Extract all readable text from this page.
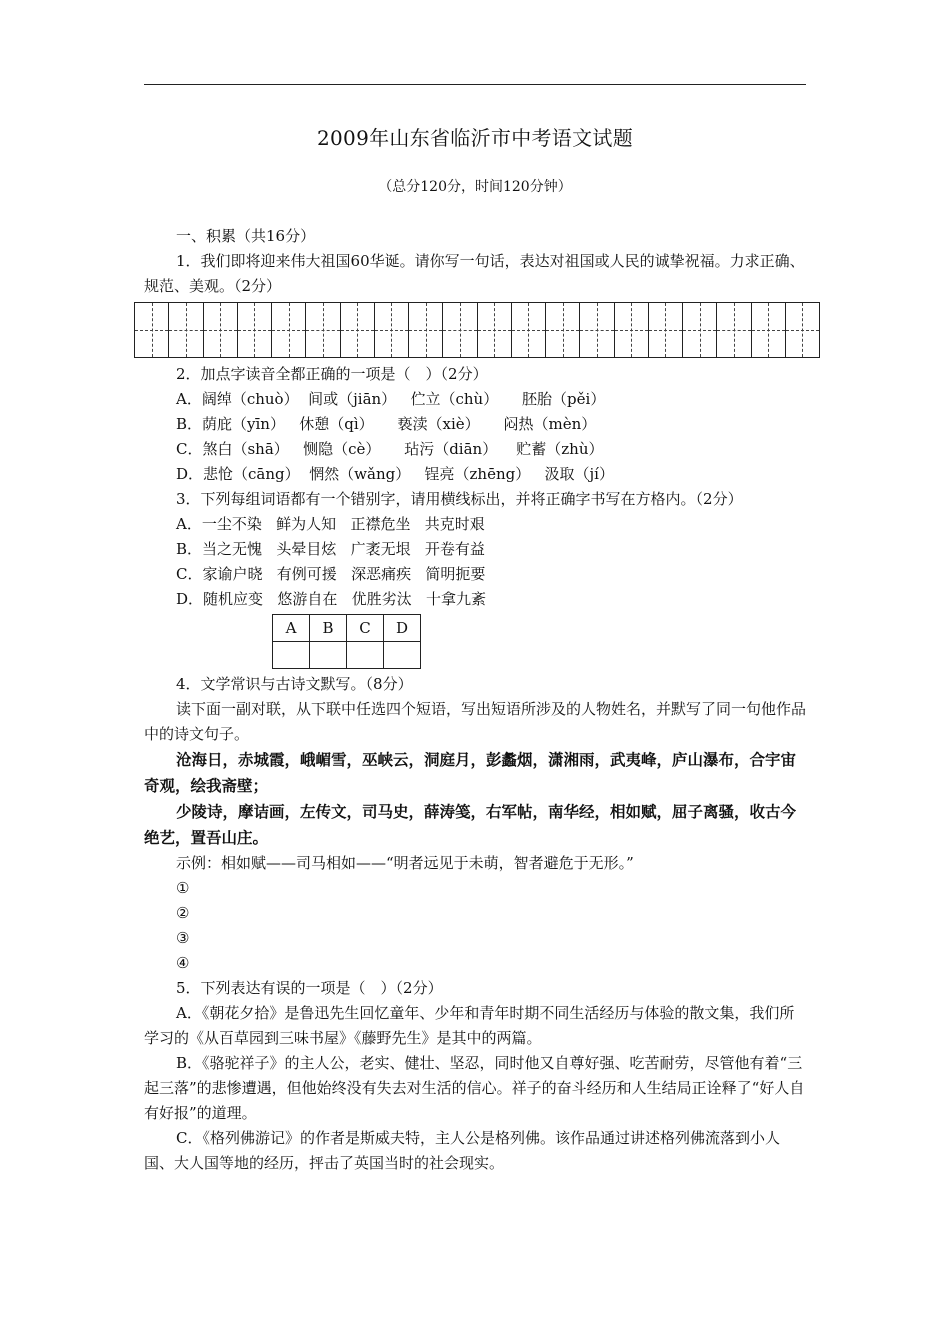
2009年山东省临沂市中考语文试题
（总分120分，时间120分钟）

一、积累（共16分）

1．我们即将迎来伟大祖国60华诞。请你写一句话，表达对祖国或人民的诚挚祝福。力求正确、规范、美观。（2分）

2．加点字读音全都正确的一项是（　）（2分）

A．阔绰（chuò）  间或（jiān）   伫立（chù）     胚胎（pěi）

B．荫庇（yīn）   休憩（qì）     亵渎（xiè）     闷热（mèn）

C．煞白（shā）   恻隐（cè）     玷污（diān）    贮蓄（zhù）

D．悲怆（cāng）  惘然（wǎng）   锃亮（zhēng）   汲取（jí）

3．下列每组词语都有一个错别字，请用横线标出，并将正确字书写在方格内。（2分）

A．一尘不染   鲜为人知   正襟危坐   共克时艰

B．当之无愧   头晕目炫   广袤无垠   开卷有益

C．家谕户晓   有例可援   深恶痛疾   简明扼要

D．随机应变   悠游自在   优胜劣汰   十拿九紊

A	B	C	D

4．文学常识与古诗文默写。（8分）

读下面一副对联，从下联中任选四个短语，写出短语所涉及的人物姓名，并默写了同一句他作品中的诗文句子。

沧海日，赤城霞，峨嵋雪，巫峡云，洞庭月，彭蠡烟，潇湘雨，武夷峰，庐山瀑布，合宇宙奇观，绘我斋壁；

少陵诗，摩诘画，左传文，司马史，薛涛笺，右军帖，南华经，相如赋，屈子离骚，收古今绝艺，置吾山庄。

示例：相如赋——司马相如——“明者远见于未萌，智者避危于无形。”

①

②

③

④

5．下列表达有误的一项是（　）（2分）

A．《朝花夕拾》是鲁迅先生回忆童年、少年和青年时期不同生活经历与体验的散文集，我们所学习的《从百草园到三味书屋》《藤野先生》是其中的两篇。

B．《骆驼祥子》的主人公，老实、健壮、坚忍，同时他又自尊好强、吃苦耐劳，尽管他有着“三起三落”的悲惨遭遇，但他始终没有失去对生活的信心。祥子的奋斗经历和人生结局正诠释了“好人自有好报”的道理。

C．《格列佛游记》的作者是斯威夫特，主人公是格列佛。该作品通过讲述格列佛流落到小人国、大人国等地的经历，抨击了英国当时的社会现实。
